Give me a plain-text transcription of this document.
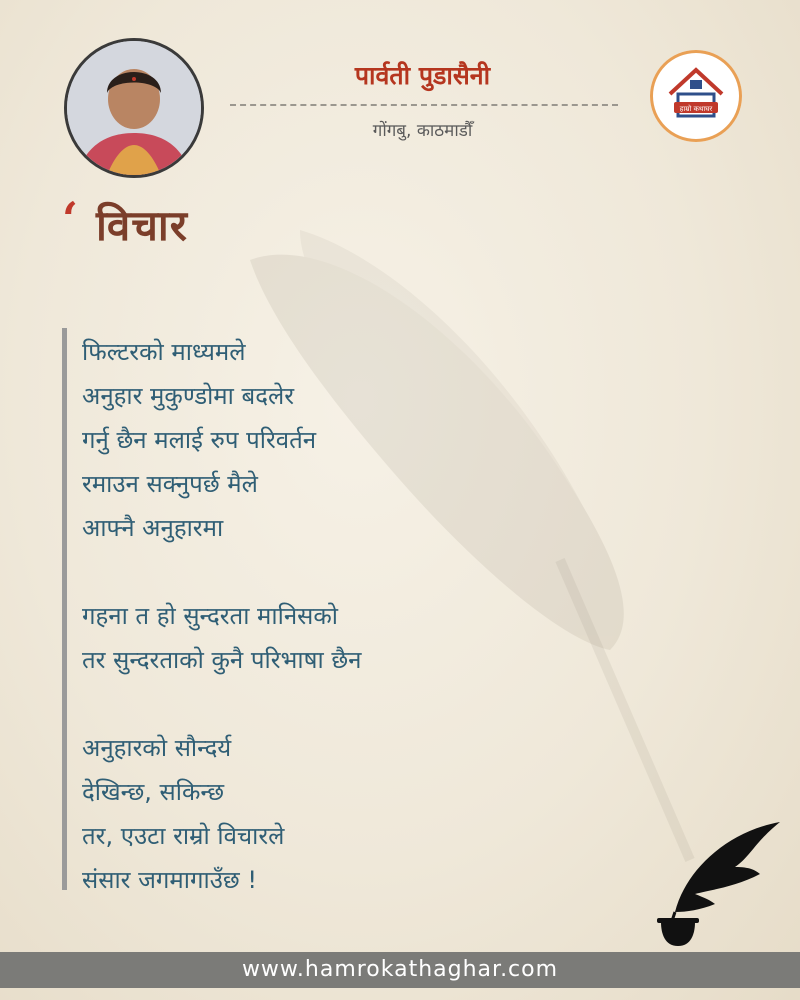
पार्वती पुडासैनी

गोंगबु, काठमाडौँ

हाम्रो कथाघर
‘ विचार
फिल्टरको माध्यमले
अनुहार मुकुण्डोमा बदलेर
गर्नु छैन मलाई रुप परिवर्तन
रमाउन सक्नुपर्छ मैले
आफ्नै अनुहारमा
गहना त हो सुन्दरता मानिसको
तर सुन्दरताको कुनै परिभाषा छैन
अनुहारको सौन्दर्य
देखिन्छ, सकिन्छ
तर, एउटा राम्रो विचारले
संसार जगमागाउँछ !
www.hamrokathaghar.com
